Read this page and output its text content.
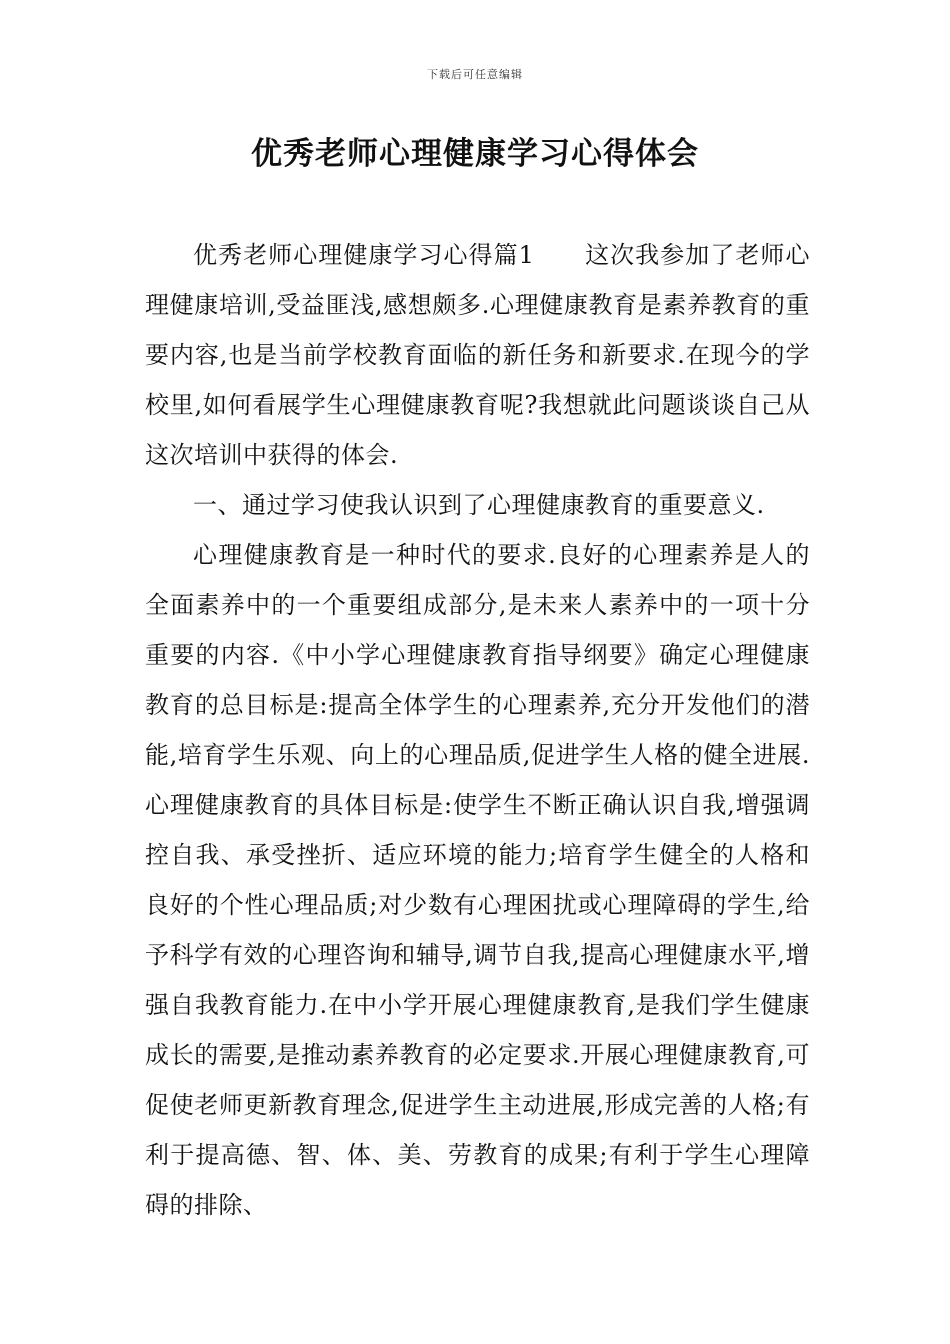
下载后可任意编辑
优秀老师心理健康学习心得体会

优秀老师心理健康学习心得篇1　　这次我参加了老师心理健康培训,受益匪浅,感想颇多.心理健康教育是素养教育的重要内容,也是当前学校教育面临的新任务和新要求.在现今的学校里,如何看展学生心理健康教育呢?我想就此问题谈谈自己从这次培训中获得的体会.

一、通过学习使我认识到了心理健康教育的重要意义.

心理健康教育是一种时代的要求.良好的心理素养是人的全面素养中的一个重要组成部分,是未来人素养中的一项十分重要的内容.《中小学心理健康教育指导纲要》确定心理健康教育的总目标是:提高全体学生的心理素养,充分开发他们的潜能,培育学生乐观、向上的心理品质,促进学生人格的健全进展.心理健康教育的具体目标是:使学生不断正确认识自我,增强调控自我、承受挫折、适应环境的能力;培育学生健全的人格和良好的个性心理品质;对少数有心理困扰或心理障碍的学生,给予科学有效的心理咨询和辅导,调节自我,提高心理健康水平,增强自我教育能力.在中小学开展心理健康教育,是我们学生健康成长的需要,是推动素养教育的必定要求.开展心理健康教育,可促使老师更新教育理念,促进学生主动进展,形成完善的人格;有利于提高德、智、体、美、劳教育的成果;有利于学生心理障碍的排除、
